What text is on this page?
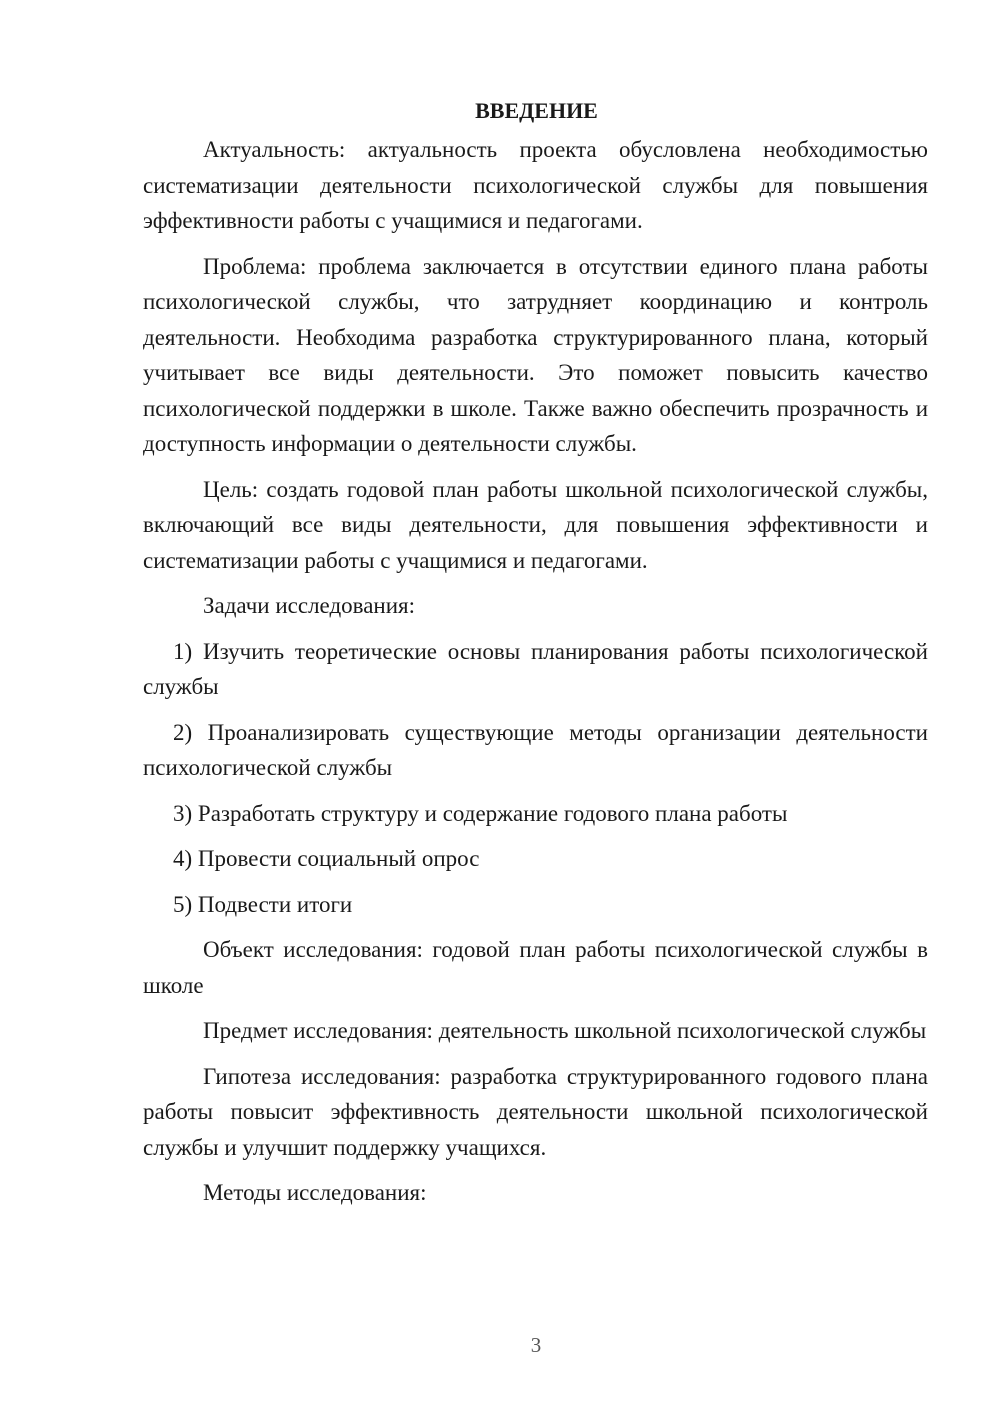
ВВЕДЕНИЕ

Актуальность: актуальность проекта обусловлена необходимостью систематизации деятельности психологической службы для повышения эффективности работы с учащимися и педагогами.

Проблема: проблема заключается в отсутствии единого плана работы психологической службы, что затрудняет координацию и контроль деятельности. Необходима разработка структурированного плана, который учитывает все виды деятельности. Это поможет повысить качество психологической поддержки в школе. Также важно обеспечить прозрачность и доступность информации о деятельности службы.

Цель: создать годовой план работы школьной психологической службы, включающий все виды деятельности, для повышения эффективности и систематизации работы с учащимися и педагогами.

Задачи исследования:

1) Изучить теоретические основы планирования работы психологической службы

2) Проанализировать существующие методы организации деятельности психологической службы

3) Разработать структуру и содержание годового плана работы

4) Провести социальный опрос

5) Подвести итоги

Объект исследования: годовой план работы психологической службы в школе

Предмет исследования: деятельность школьной психологической службы

Гипотеза исследования: разработка структурированного годового плана работы повысит эффективность деятельности школьной психологической службы и улучшит поддержку учащихся.

Методы исследования:

3
